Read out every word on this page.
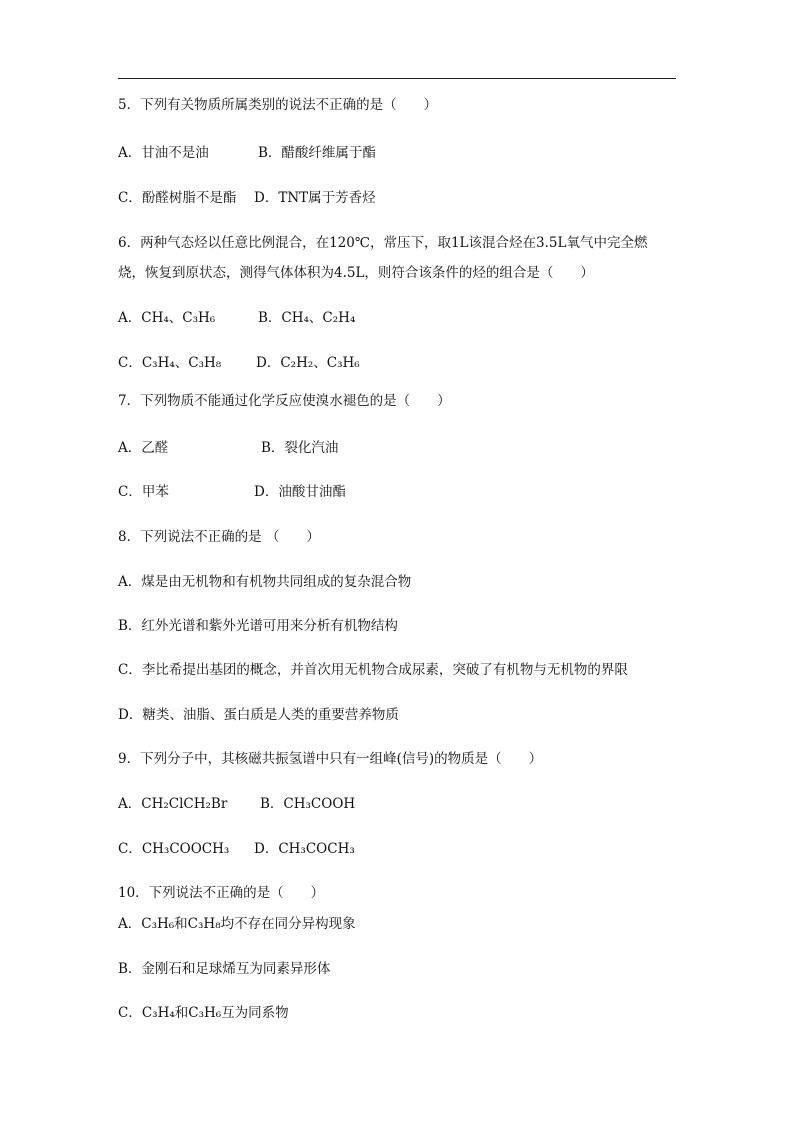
5．下列有关物质所属类别的说法不正确的是（　　）
A．甘油不是油	B．醋酸纤维属于酯
C．酚醛树脂不是酯 D．TNT属于芳香烃
6．两种气态烃以任意比例混合，在120℃，常压下，取1L该混合烃在3.5L氧气中完全燃
烧，恢复到原状态，测得气体体积为4.5L，则符合该条件的烃的组合是（　　）
A．CH₄、C₃H₆	B．CH₄、C₂H₄
C．C₃H₄、C₃H₈	D．C₂H₂、C₃H₆
7．下列物质不能通过化学反应使溴水褪色的是（　　）
A．乙醛	B．裂化汽油
C．甲苯	D．油酸甘油酯
8．下列说法不正确的是 （　　）
A．煤是由无机物和有机物共同组成的复杂混合物
B．红外光谱和紫外光谱可用来分析有机物结构
C．李比希提出基团的概念，并首次用无机物合成尿素，突破了有机物与无机物的界限
D．糖类、油脂、蛋白质是人类的重要营养物质
9．下列分子中，其核磁共振氢谱中只有一组峰(信号)的物质是（　　）
A．CH₂ClCH₂Br B．CH₃COOH
C．CH₃COOCH₃ D．CH₃COCH₃
10．下列说法不正确的是（　　）
A．C₃H₆和C₃H₈均不存在同分异构现象
B．金刚石和足球烯互为同素异形体
C．C₃H₄和C₃H₆互为同系物
